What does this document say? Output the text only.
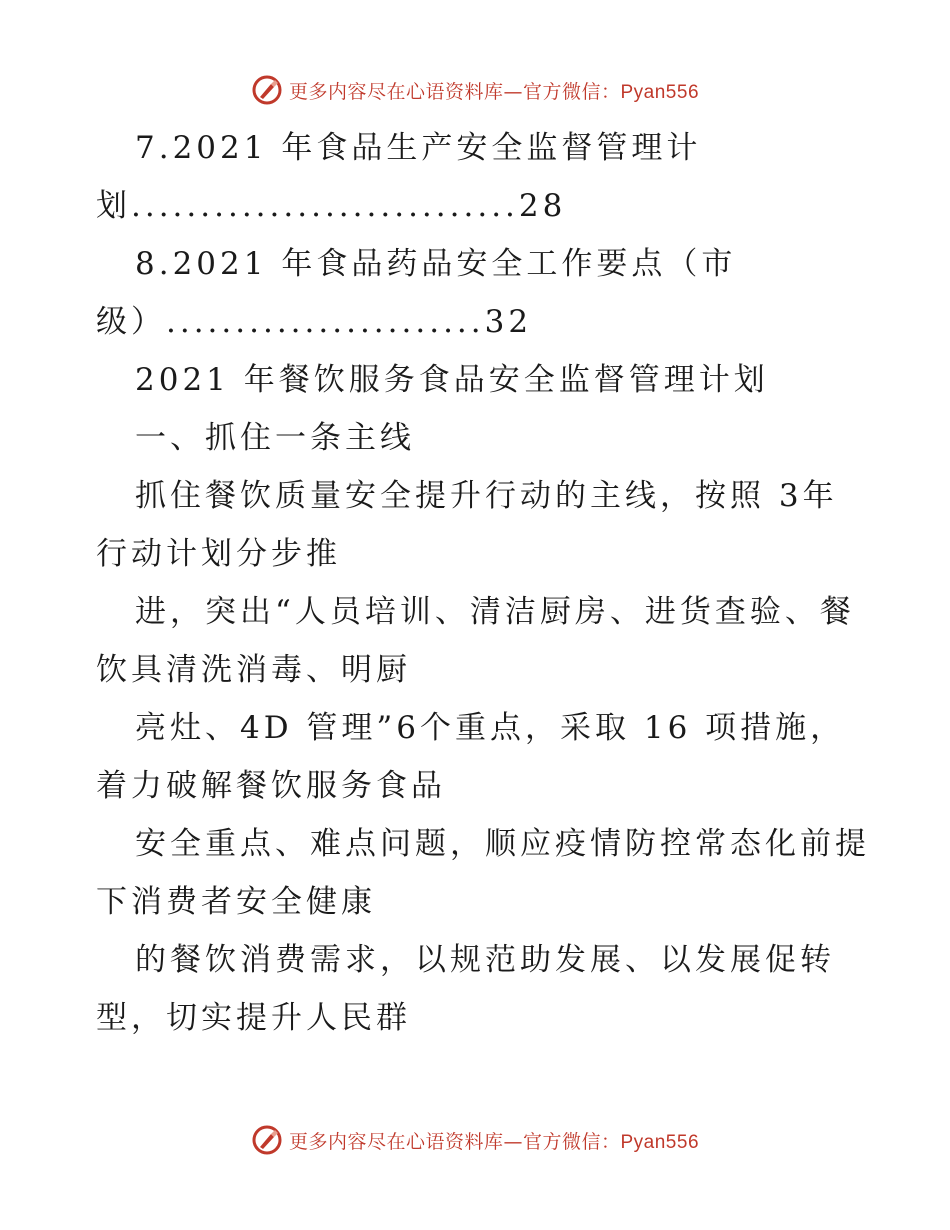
更多内容尽在心语资料库—官方微信：Pyan556
7.2021 年食品生产安全监督管理计
划............................28
8.2021 年食品药品安全工作要点（市
级）.......................32
2021 年餐饮服务食品安全监督管理计划
一、抓住一条主线
抓住餐饮质量安全提升行动的主线，按照 3年
行动计划分步推
进，突出“人员培训、清洁厨房、进货查验、餐
饮具清洗消毒、明厨
亮灶、4D 管理”6个重点，采取 16 项措施，
着力破解餐饮服务食品
安全重点、难点问题，顺应疫情防控常态化前提
下消费者安全健康
的餐饮消费需求，以规范助发展、以发展促转
型，切实提升人民群
更多内容尽在心语资料库—官方微信：Pyan556
